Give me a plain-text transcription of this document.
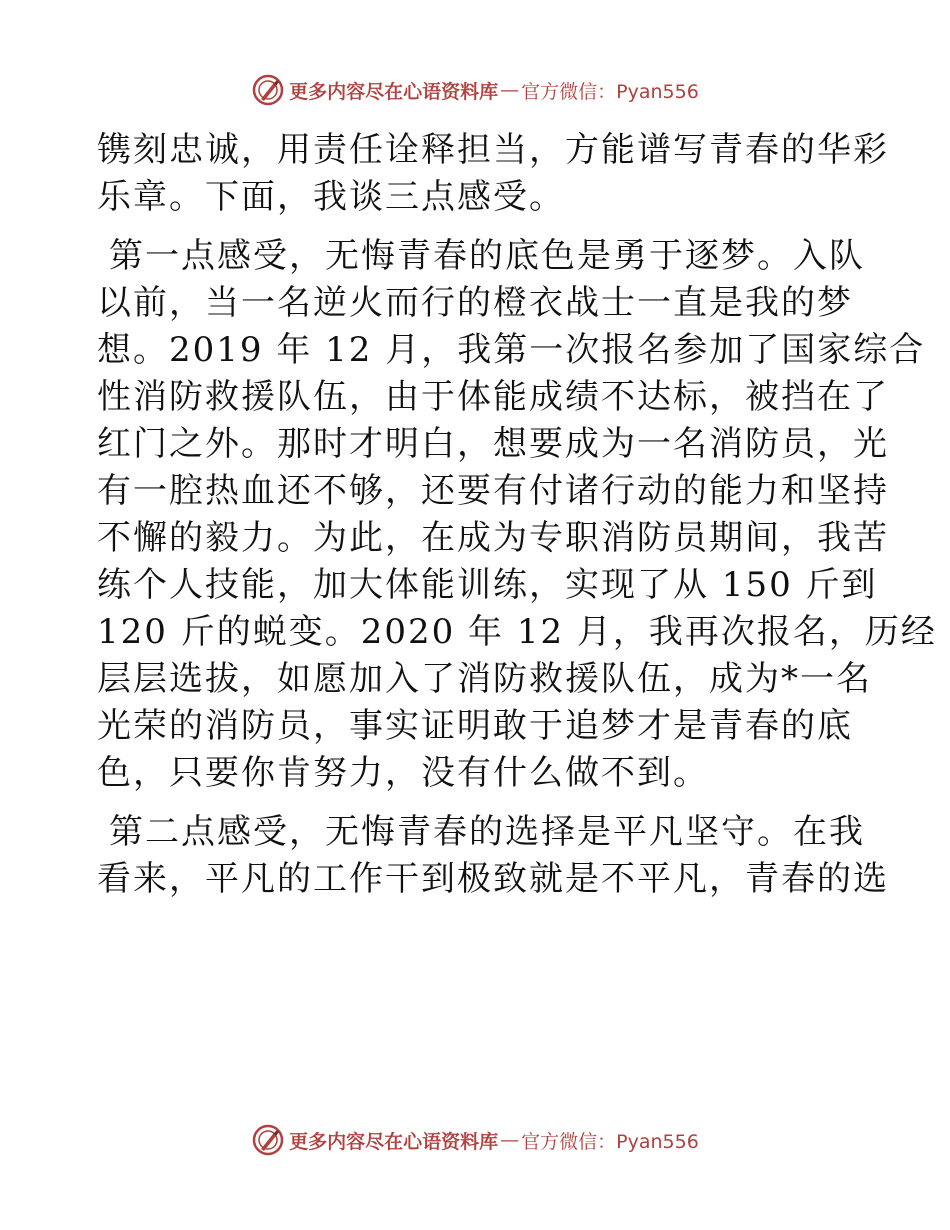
更多内容尽在心语资料库 — 官方微信：Pyan556

镌刻忠诚，用责任诠释担当，方能谱写青春的华彩
乐章。下面，我谈三点感受。

第一点感受，无悔青春的底色是勇于逐梦。入队
以前，当一名逆火而行的橙衣战士一直是我的梦
想。2019 年 12 月，我第一次报名参加了国家综合
性消防救援队伍，由于体能成绩不达标，被挡在了
红门之外。那时才明白，想要成为一名消防员，光
有一腔热血还不够，还要有付诸行动的能力和坚持
不懈的毅力。为此，在成为专职消防员期间，我苦
练个人技能，加大体能训练，实现了从 150 斤到
120 斤的蜕变。2020 年 12 月，我再次报名，历经
层层选拔，如愿加入了消防救援队伍，成为*一名
光荣的消防员，事实证明敢于追梦才是青春的底
色，只要你肯努力，没有什么做不到。

第二点感受，无悔青春的选择是平凡坚守。在我
看来，平凡的工作干到极致就是不平凡，青春的选

更多内容尽在心语资料库 — 官方微信：Pyan556
